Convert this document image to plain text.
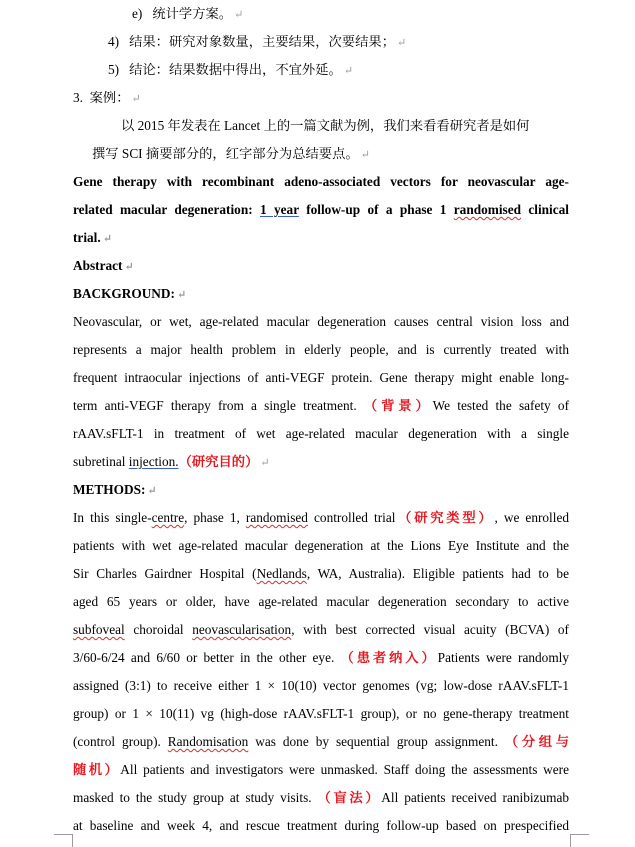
e) 统计学方案。 ↵
4) 结果：研究对象数量，主要结果，次要结果； ↵
5) 结论：结果数据中得出，不宜外延。 ↵
3. 案例： ↵
以 2015 年发表在 Lancet 上的一篇文献为例，我们来看看研究者是如何
撰写 SCI 摘要部分的，红字部分为总结要点。 ↵
Gene therapy with recombinant adeno-associated vectors for neovascular age-
related macular degeneration: 1 year follow-up of a phase 1 randomised clinical
trial. ↵
Abstract ↵
BACKGROUND: ↵
Neovascular, or wet, age-related macular degeneration causes central vision loss and
represents a major health problem in elderly people, and is currently treated with
frequent intraocular injections of anti-VEGF protein. Gene therapy might enable long-
term anti-VEGF therapy from a single treatment. （背景）We tested the safety of
rAAV.sFLT-1 in treatment of wet age-related macular degeneration with a single
subretinal injection.（研究目的） ↵
METHODS: ↵
In this single-centre, phase 1, randomised controlled trial（研究类型）, we enrolled
patients with wet age-related macular degeneration at the Lions Eye Institute and the
Sir Charles Gairdner Hospital (Nedlands, WA, Australia). Eligible patients had to be
aged 65 years or older, have age-related macular degeneration secondary to active
subfoveal choroidal neovascularisation, with best corrected visual acuity (BCVA) of
3/60-6/24 and 6/60 or better in the other eye. （患者纳入）Patients were randomly
assigned (3:1) to receive either 1 × 10(10) vector genomes (vg; low-dose rAAV.sFLT-1
group) or 1 × 10(11) vg (high-dose rAAV.sFLT-1 group), or no gene-therapy treatment
(control group). Randomisation was done by sequential group assignment. （分组与
随机）All patients and investigators were unmasked. Staff doing the assessments were
masked to the study group at study visits. （盲法）All patients received ranibizumab
at baseline and week 4, and rescue treatment during follow-up based on prespecified
